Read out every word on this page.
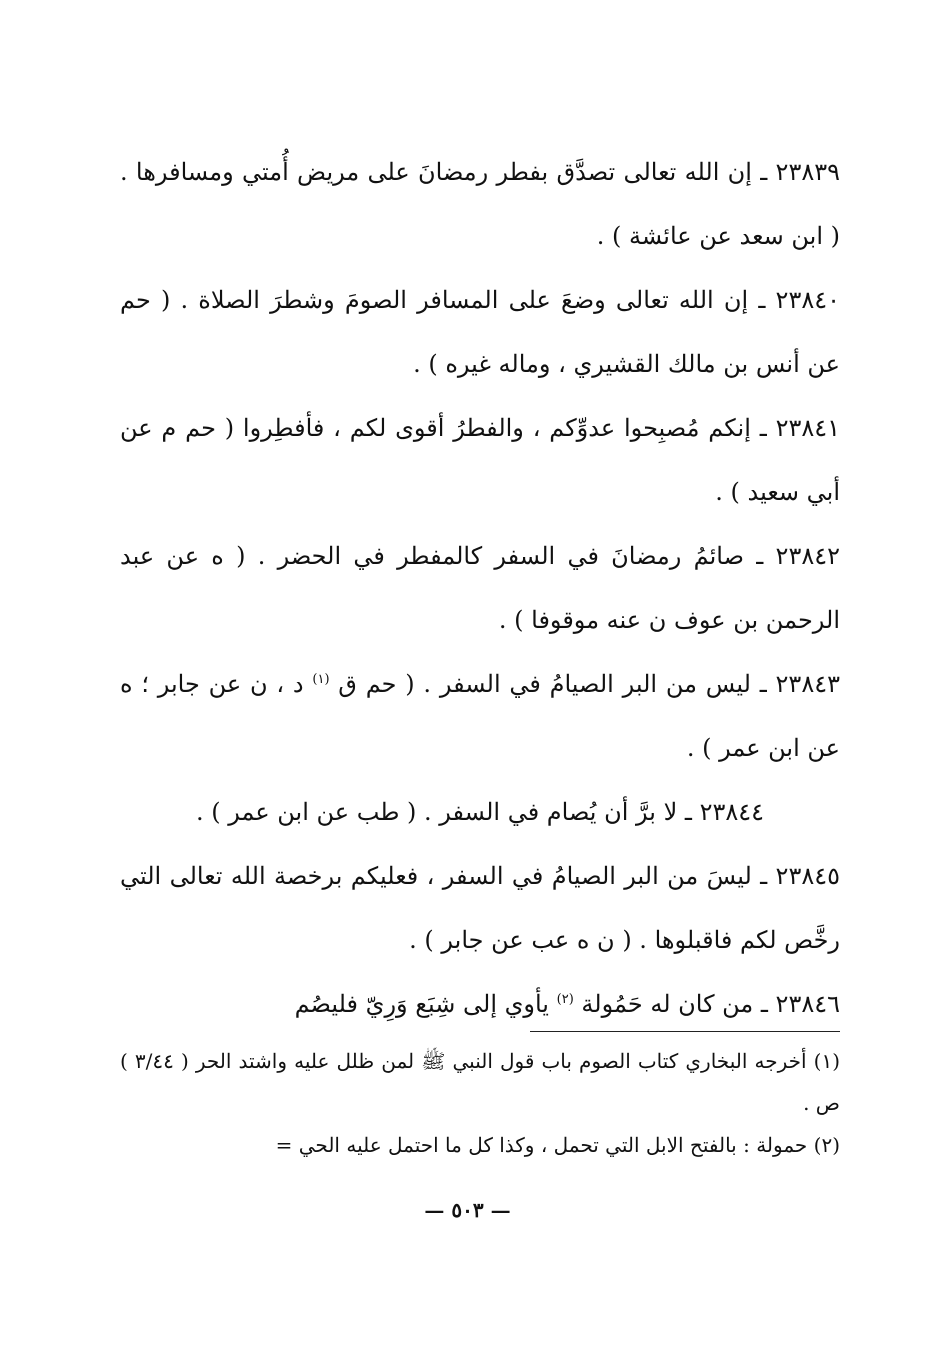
٢٣٨٣٩ ـ إن الله تعالى تصدَّق بفطر رمضانَ على مريض أُمتي ومسافرها . ( ابن سعد عن عائشة ) .

٢٣٨٤٠ ـ إن الله تعالى وضعَ على المسافر الصومَ وشطرَ الصلاة . ( حم عن أنس بن مالك القشيري ، وماله غيره ) .

٢٣٨٤١ ـ إنكم مُصبِحوا عدوِّكم ، والفطرُ أقوى لكم ، فأفطِروا ( حم م عن أبي سعيد ) .

٢٣٨٤٢ ـ صائمُ رمضانَ في السفر كالمفطر في الحضر . ( ه عن عبد الرحمن بن عوف ن عنه موقوفا ) .

٢٣٨٤٣ ـ ليس من البر الصيامُ في السفر . ( حم ق $^{(١)}$ د ، ن عن جابر ؛ ه عن ابن عمر ) .

٢٣٨٤٤ ـ لا برَّ أن يُصام في السفر . ( طب عن ابن عمر ) .

٢٣٨٤٥ ـ ليسَ من البر الصيامُ في السفر ، فعليكم برخصة الله تعالى التي رخَّص لكم فاقبلوها . ( ن ه عب عن جابر ) .

٢٣٨٤٦ ـ من كان له حَمُولة $^{(٢)}$ يأوي إلى شِبَع وَرِيّ فليصُم

(١) أخرجه البخاري كتاب الصوم باب قول النبي ﷺ لمن ظلل عليه واشتد الحر ( ٣/٤٤ ) ص .

(٢) حمولة : بالفتح الابل التي تحمل ، وكذا كل ما احتمل عليه الحي =

— ٥٠٣ —
